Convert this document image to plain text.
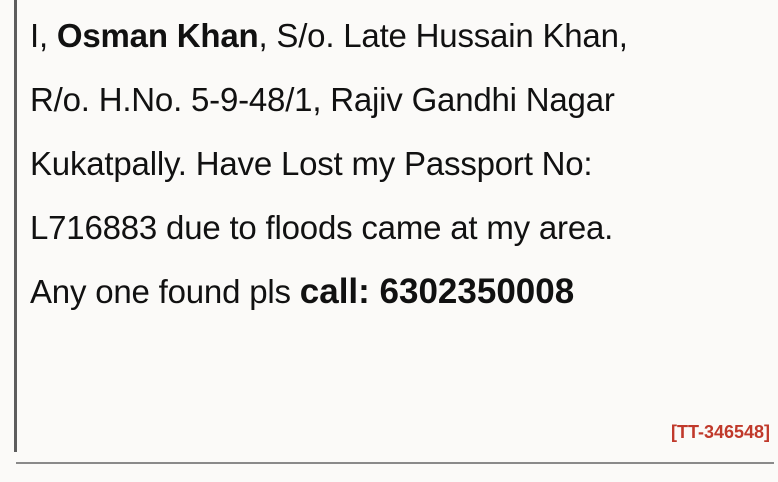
I, Osman Khan, S/o. Late Hussain Khan,
R/o. H.No. 5-9-48/1, Rajiv Gandhi Nagar
Kukatpally. Have Lost my Passport No:
L716883 due to floods came at my area.
Any one found pls call: 6302350008
[TT-346548]
